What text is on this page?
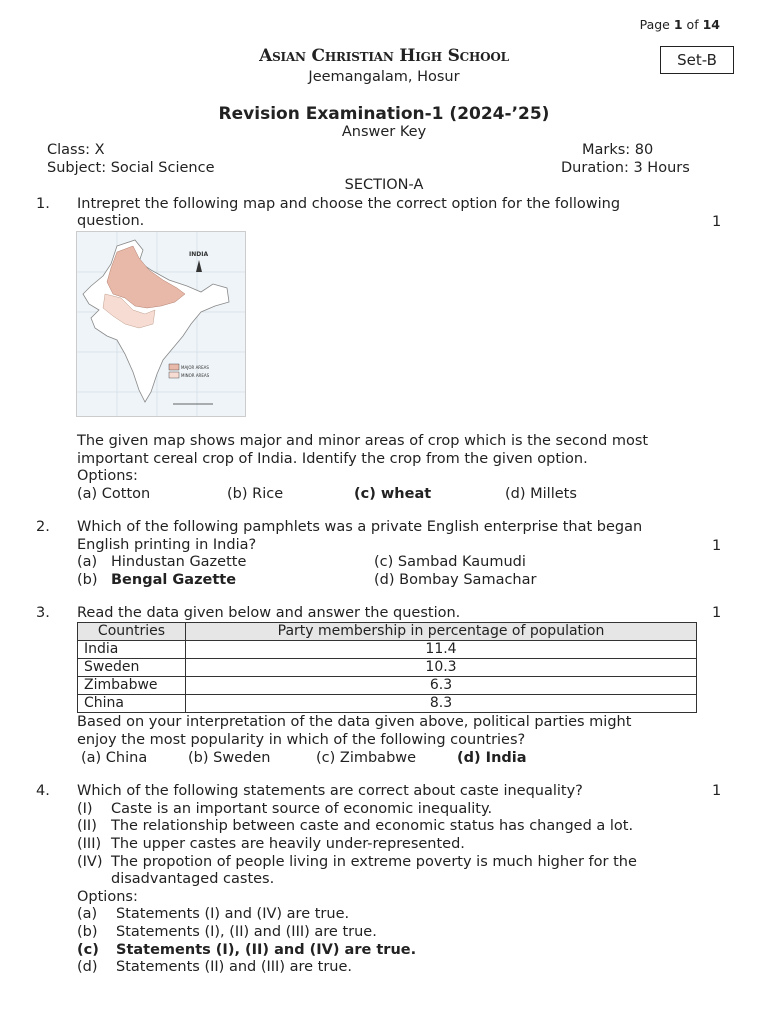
Page 1 of 14
Asian Christian High School
Jeemangalam, Hosur
Set-B
Revision Examination-1 (2024-’25)
Answer Key
Class: X	Marks: 80
Subject: Social Science	Duration: 3 Hours
SECTION-A
1. Intrepret the following map and choose the correct option for the following
question.	1
INDIA
MAJOR AREAS
MINOR AREAS
The given map shows major and minor areas of crop which is the second most
important cereal crop of India. Identify the crop from the given option.
Options:
(a) Cotton	(b) Rice	(c) wheat	(d) Millets
2. Which of the following pamphlets was a private English enterprise that began
English printing in India?	1
(a) Hindustan Gazette
(b) Bengal Gazette
(c) Sambad Kaumudi
(d) Bombay Samachar
3. Read the data given below and answer the question.	1
Countries	Party membership in percentage of population
India	11.4
Sweden	10.3
Zimbabwe	6.3
China	8.3
Based on your interpretation of the data given above, political parties might
enjoy the most popularity in which of the following countries?
(a) China	(b) Sweden	(c) Zimbabwe	(d) India
4. Which of the following statements are correct about caste inequality?	1
(I) Caste is an important source of economic inequality.
(II) The relationship between caste and economic status has changed a lot.
(III) The upper castes are heavily under-represented.
(IV) The propotion of people living in extreme poverty is much higher for the
disadvantaged castes.
Options:
(a) Statements (I) and (IV) are true.
(b) Statements (I), (II) and (III) are true.
(c) Statements (I), (II) and (IV) are true.
(d) Statements (II) and (III) are true.
